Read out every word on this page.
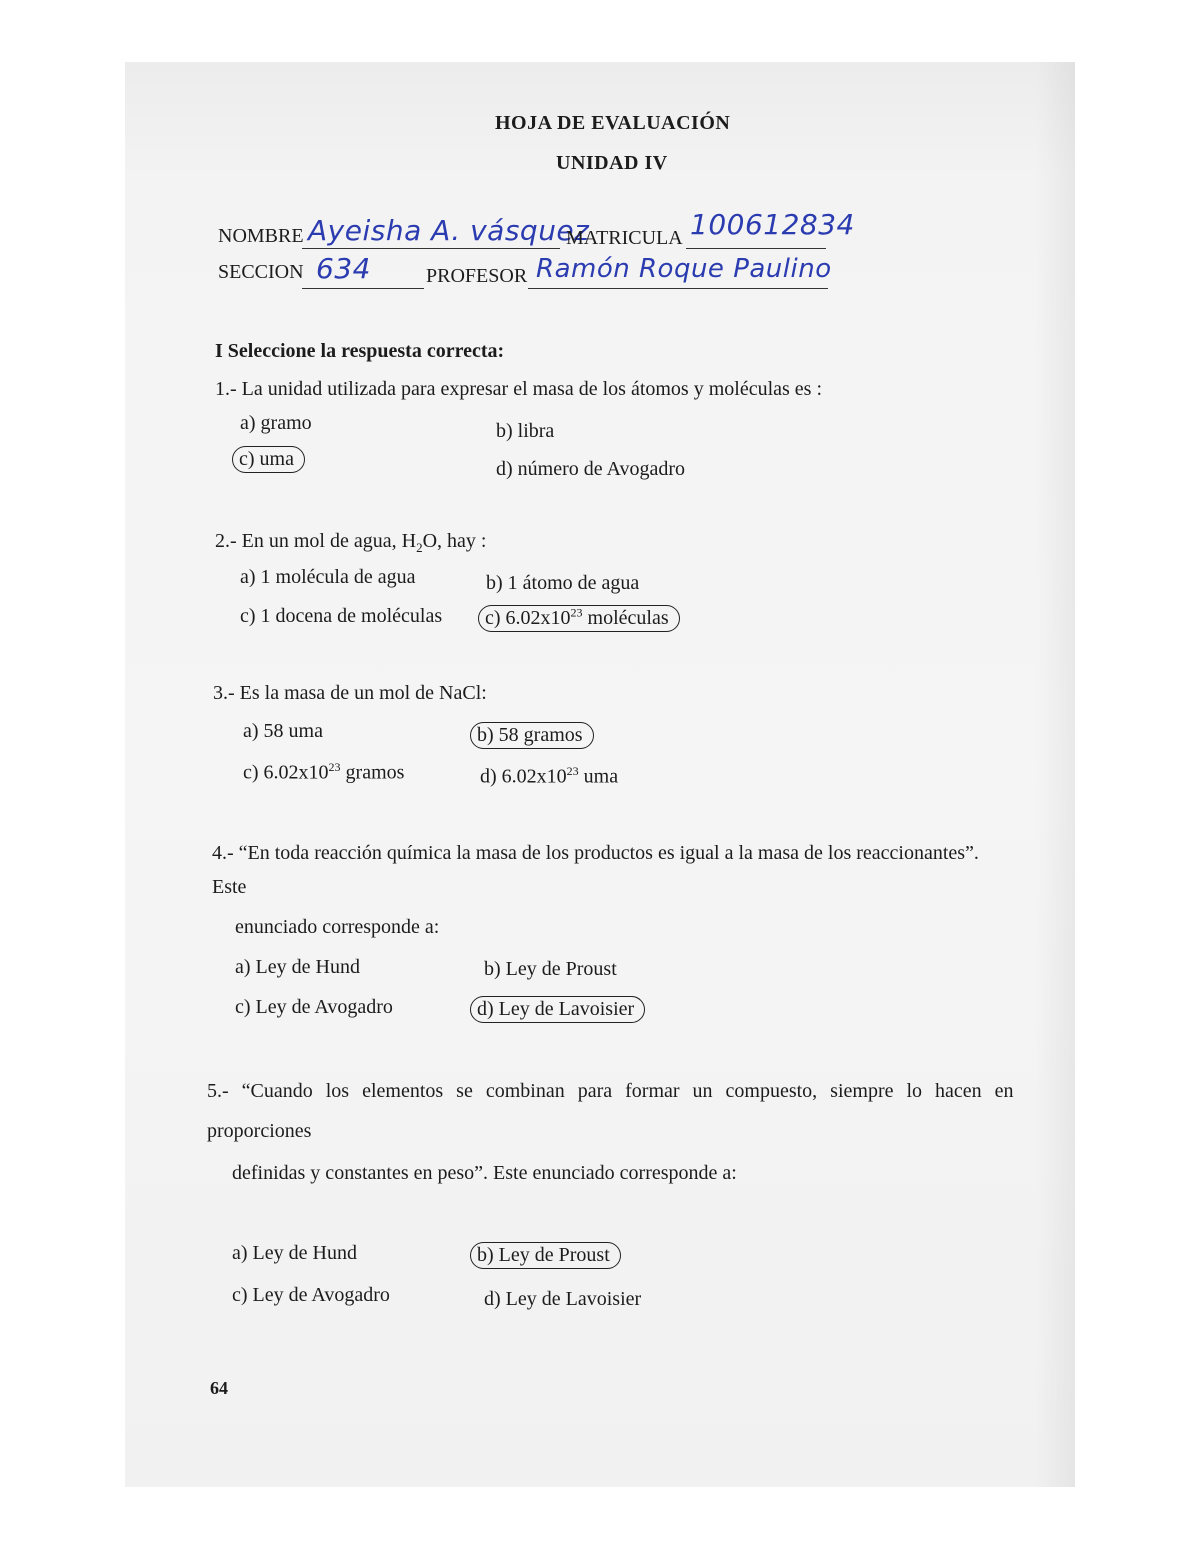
HOJA DE EVALUACIÓN
UNIDAD IV
NOMBRE Ayeisha A. vásquez
MATRICULA 100612834
SECCION 634	PROFESOR Ramón Roque Paulino
I Seleccione la respuesta correcta:
1.- La unidad utilizada para expresar el masa de los átomos y moléculas es :
a) gramo	b) libra
c) uma	d) número de Avogadro
2.- En un mol de agua, $H_2O$, hay :
a) 1 molécula de agua	b) 1 átomo de agua
c) 1 docena de moléculas	c) $6.02x10^{23}$ moléculas
3.- Es la masa de un mol de NaCl:
a) 58 uma	b) 58 gramos
c) $6.02x10^{23}$ gramos	d) $6.02x10^{23}$ uma
4.- “En toda reacción química la masa de los productos es igual a la masa de los reaccionantes”.
Este
enunciado corresponde a:
a) Ley de Hund	b) Ley de Proust
c) Ley de Avogadro	d) Ley de Lavoisier
5.- “Cuando los elementos se combinan para formar un compuesto, siempre lo hacen en
proporciones
definidas y constantes en peso”. Este enunciado corresponde a:
a) Ley de Hund	b) Ley de Proust
c) Ley de Avogadro	d) Ley de Lavoisier
64
